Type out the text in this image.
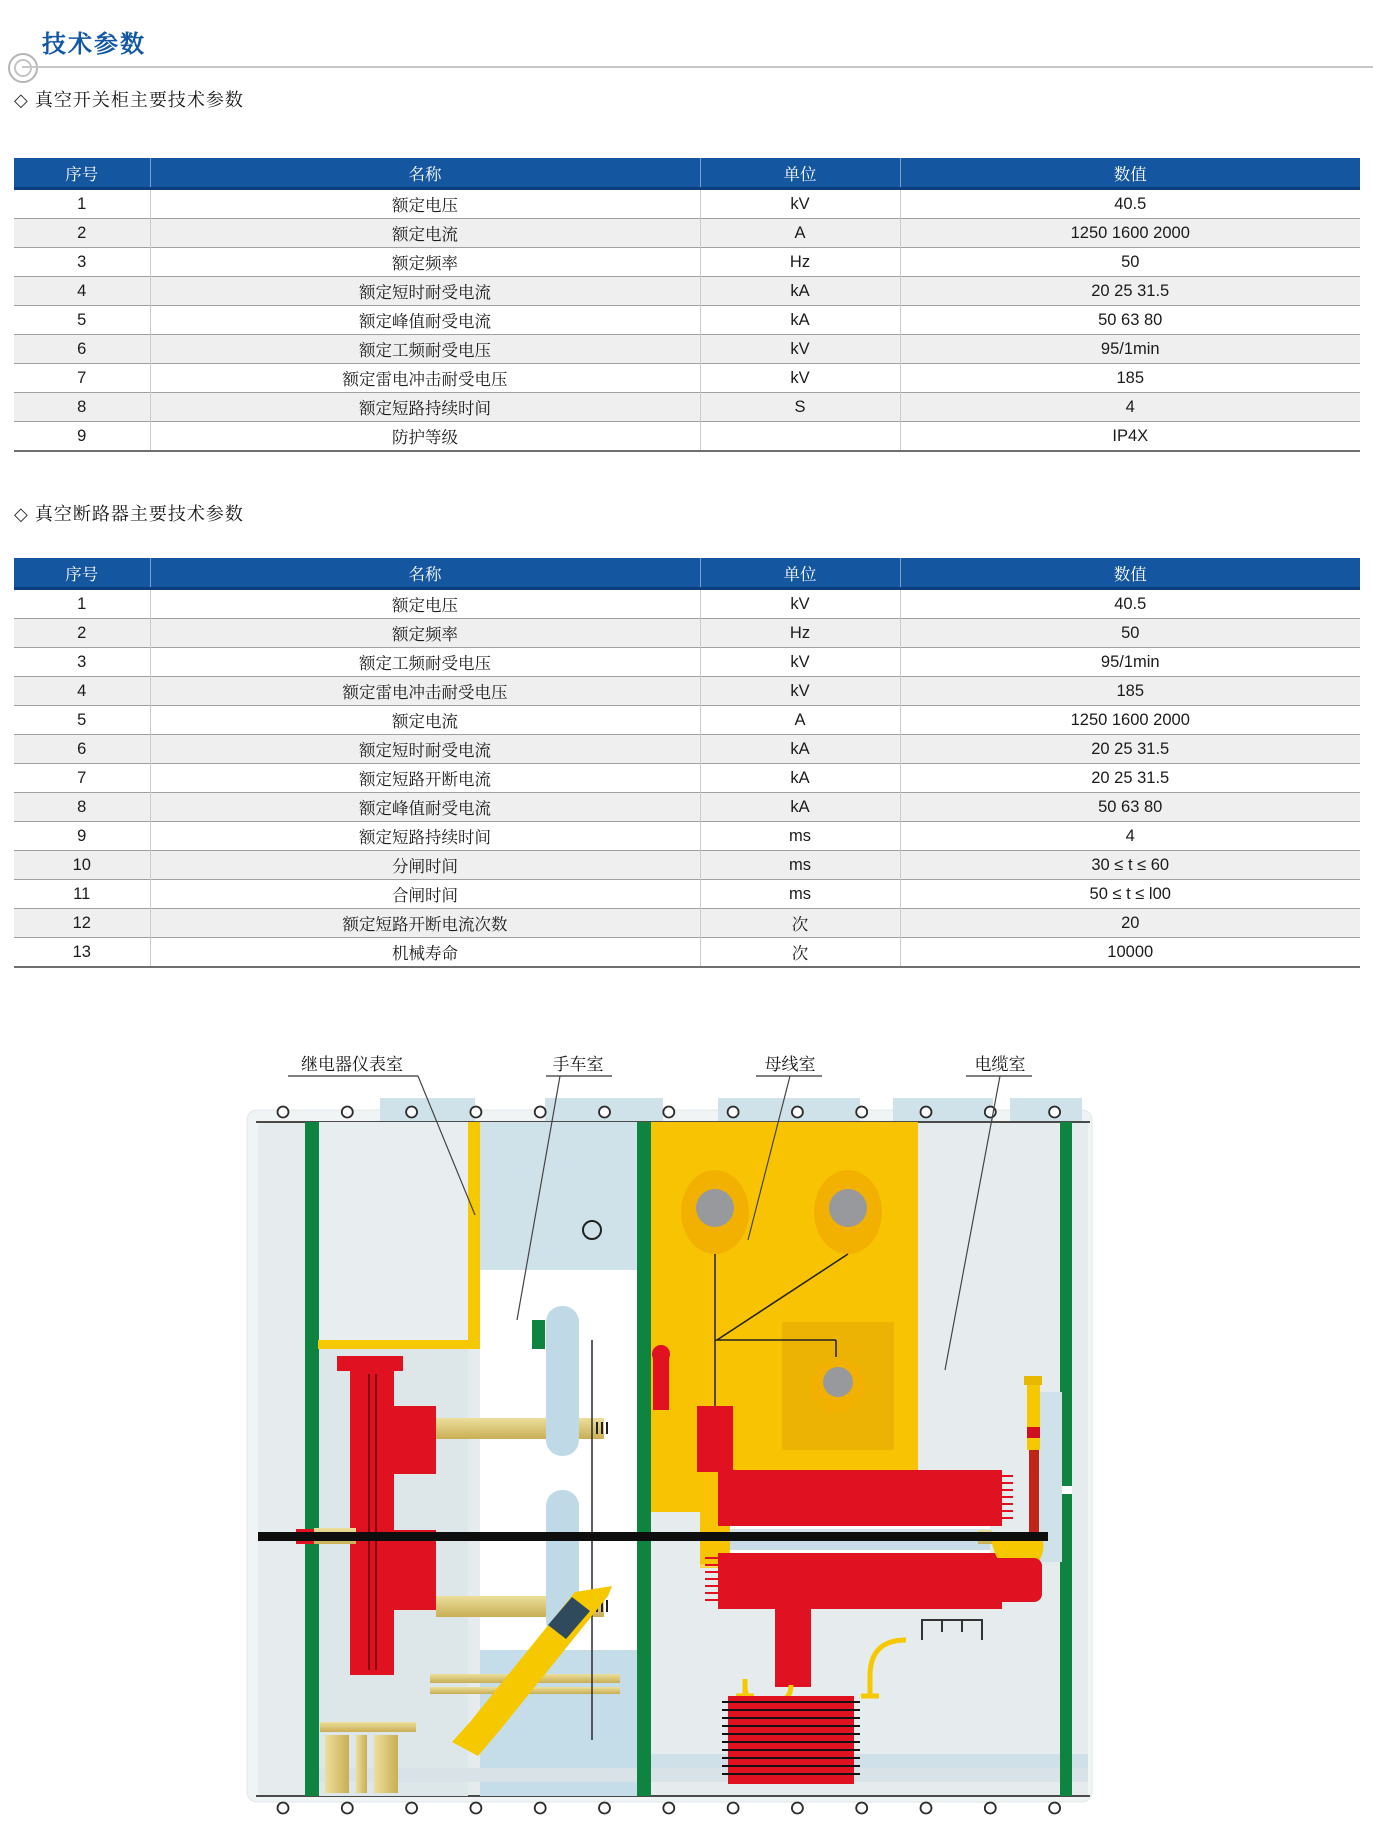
技术参数
◇ 真空开关柜主要技术参数
序号	名称	单位	数值
1	额定电压	kV	40.5
2	额定电流	A	1250 1600 2000
3	额定频率	Hz	50
4	额定短时耐受电流	kA	20 25 31.5
5	额定峰值耐受电流	kA	50 63 80
6	额定工频耐受电压	kV	95/1min
7	额定雷电冲击耐受电压	kV	185
8	额定短路持续时间	S	4
9	防护等级		IP4X
◇ 真空断路器主要技术参数
序号	名称	单位	数值
1	额定电压	kV	40.5
2	额定频率	Hz	50
3	额定工频耐受电压	kV	95/1min
4	额定雷电冲击耐受电压	kV	185
5	额定电流	A	1250 1600 2000
6	额定短时耐受电流	kA	20 25 31.5
7	额定短路开断电流	kA	20 25 31.5
8	额定峰值耐受电流	kA	50 63 80
9	额定短路持续时间	ms	4
10	分闸时间	ms	30 ≤ t ≤ 60
11	合闸时间	ms	50 ≤ t ≤ l00
12	额定短路开断电流次数	次	20
13	机械寿命	次	10000
继电器仪表室	手车室	母线室	电缆室
